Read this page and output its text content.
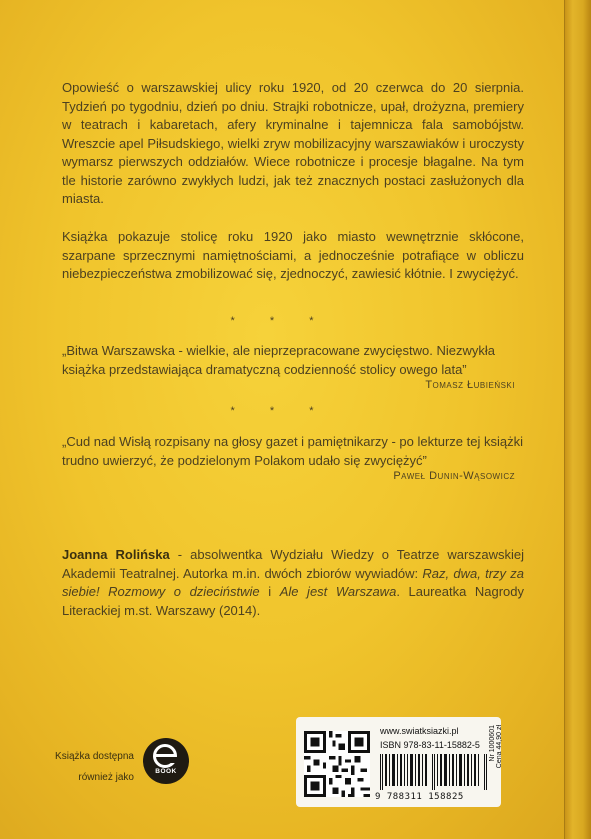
Opowieść o warszawskiej ulicy roku 1920, od 20 czerwca do 20 sierpnia. Tydzień po tygodniu, dzień po dniu. Strajki robotnicze, upał, drożyzna, premiery w teatrach i kabaretach, afery kryminalne i tajemnicza fala samobójstw. Wreszcie apel Piłsudskiego, wielki zryw mobilizacyjny warszawiaków i uroczysty wymarsz pierwszych oddziałów. Wiece robotnicze i procesje błagalne. Na tym tle historie zarówno zwykłych ludzi, jak też znacznych postaci zasłużonych dla miasta.

Książka pokazuje stolicę roku 1920 jako miasto wewnętrznie skłócone, szarpane sprzecznymi namiętnościami, a jednocześnie potrafiące w obliczu niebezpieczeństwa zmobilizować się, zjednoczyć, zawiesić kłótnie. I zwyciężyć.

* * *

„Bitwa Warszawska - wielkie, ale nieprzepracowane zwycięstwo. Niezwykła książka przedstawiająca dramatyczną codzienność stolicy owego lata”

Tomasz Łubieński
* * *

„Cud nad Wisłą rozpisany na głosy gazet i pamiętnikarzy - po lekturze tej książki trudno uwierzyć, że podzielonym Polakom udało się zwyciężyć”

Paweł Dunin-Wąsowicz

Joanna Rolińska - absolwentka Wydziału Wiedzy o Teatrze warszawskiej Akademii Teatralnej. Autorka m.in. dwóch zbiorów wywiadów: Raz, dwa, trzy za siebie! Rozmowy o dzieciństwie i Ale jest Warszawa. Laureatka Nagrody Literackiej m.st. Warszawy (2014).

Książka dostępna
również jako
BOOK
www.swiatksiazki.pl
ISBN 978-83-11-15882-5
9 788311 158825
Nr 1000601 Cena 44,90 zł
